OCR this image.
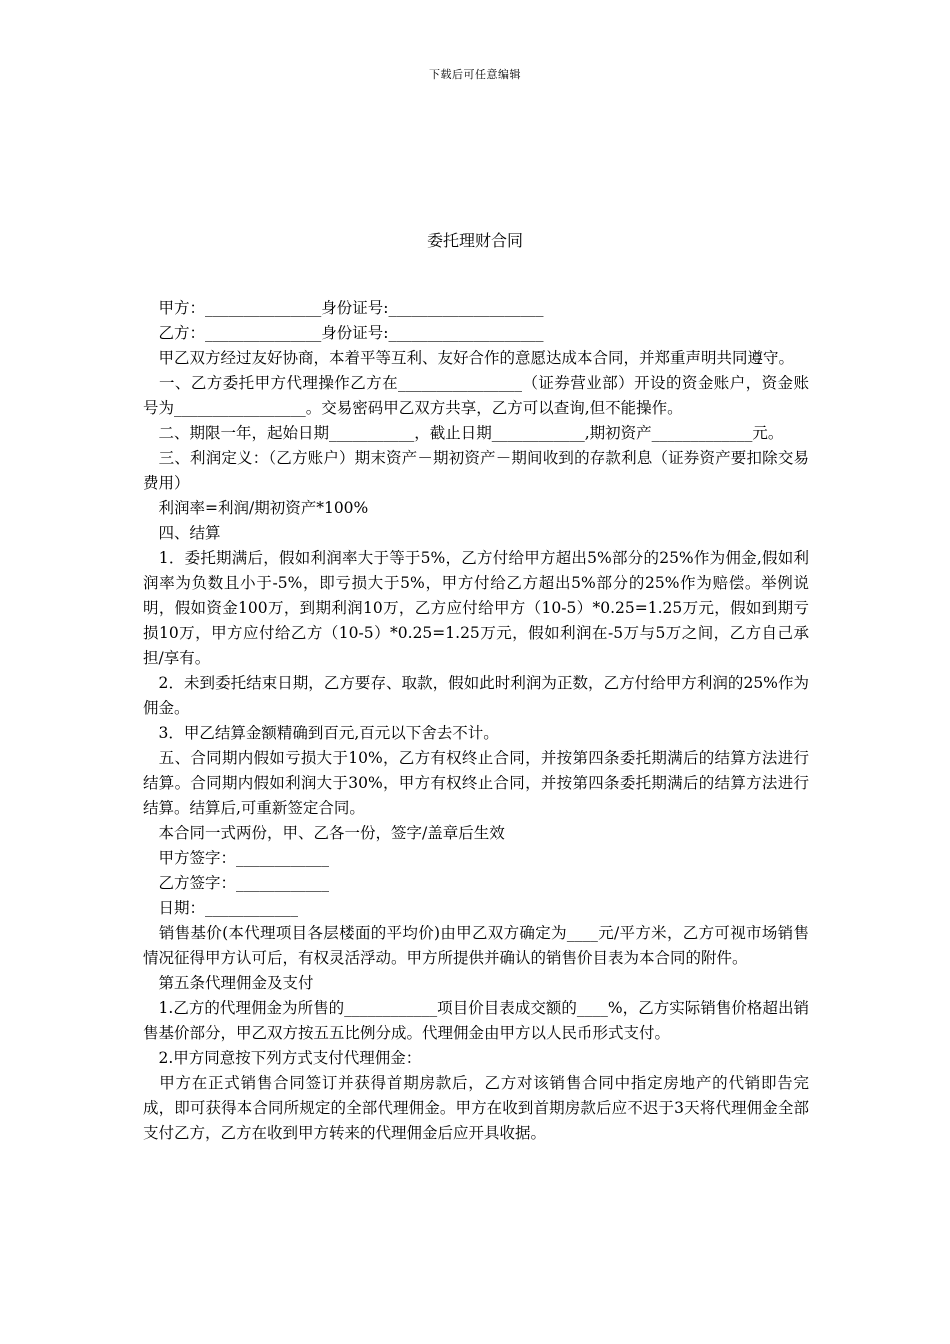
下载后可任意编辑
委托理财合同

　甲方：_______________身份证号:____________________

　乙方：_______________身份证号:____________________

　甲乙双方经过友好协商，本着平等互利、友好合作的意愿达成本合同，并郑重声明共同遵守。

　一、乙方委托甲方代理操作乙方在________________（证券营业部）开设的资金账户，资金账号为_________________。交易密码甲乙双方共享，乙方可以查询,但不能操作。

　二、期限一年，起始日期___________，截止日期____________,期初资产_____________元。

　三、利润定义：（乙方账户）期末资产－期初资产－期间收到的存款利息（证券资产要扣除交易费用）

　利润率=利润/期初资产*100%

　四、结算

　1．委托期满后，假如利润率大于等于5%，乙方付给甲方超出5%部分的25%作为佣金,假如利润率为负数且小于-5%，即亏损大于5%，甲方付给乙方超出5%部分的25%作为赔偿。举例说明，假如资金100万，到期利润10万，乙方应付给甲方（10-5）*0.25=1.25万元，假如到期亏损10万，甲方应付给乙方（10-5）*0.25=1.25万元，假如利润在-5万与5万之间，乙方自己承担/享有。

　2．未到委托结束日期，乙方要存、取款，假如此时利润为正数，乙方付给甲方利润的25%作为佣金。

　3．甲乙结算金额精确到百元,百元以下舍去不计。

　五、合同期内假如亏损大于10%，乙方有权终止合同，并按第四条委托期满后的结算方法进行结算。合同期内假如利润大于30%，甲方有权终止合同，并按第四条委托期满后的结算方法进行结算。结算后,可重新签定合同。

　本合同一式两份，甲、乙各一份，签字/盖章后生效

　甲方签字：____________

　乙方签字：____________

　日期：____________

　销售基价(本代理项目各层楼面的平均价)由甲乙双方确定为____元/平方米，乙方可视市场销售情况征得甲方认可后，有权灵活浮动。甲方所提供并确认的销售价目表为本合同的附件。

　第五条代理佣金及支付

　1.乙方的代理佣金为所售的____________项目价目表成交额的____%，乙方实际销售价格超出销售基价部分，甲乙双方按五五比例分成。代理佣金由甲方以人民币形式支付。

　2.甲方同意按下列方式支付代理佣金：

　甲方在正式销售合同签订并获得首期房款后，乙方对该销售合同中指定房地产的代销即告完成，即可获得本合同所规定的全部代理佣金。甲方在收到首期房款后应不迟于3天将代理佣金全部支付乙方，乙方在收到甲方转来的代理佣金后应开具收据。
